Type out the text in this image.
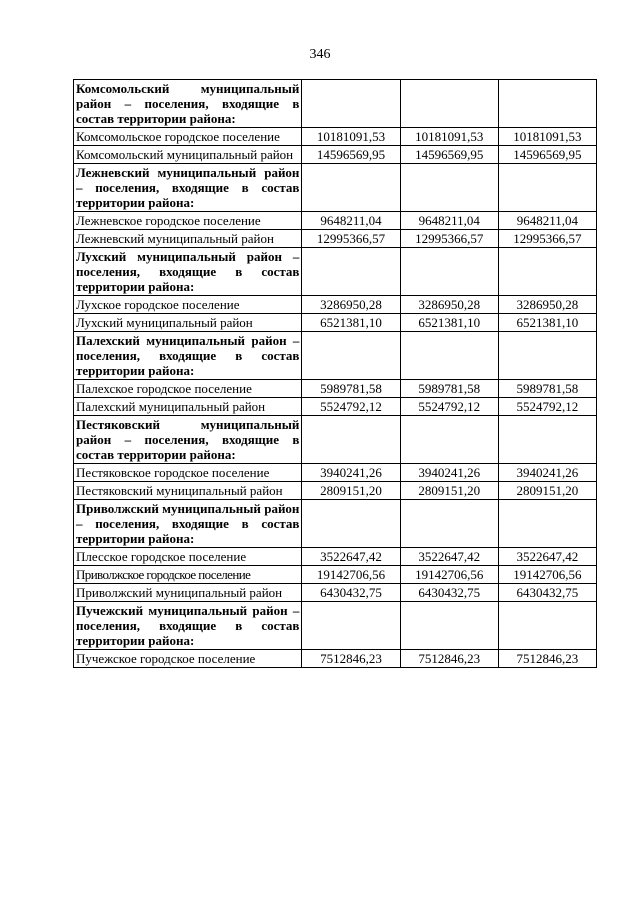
346
Комсомольский муниципальный район – поселения, входящие в состав территории района:			
Комсомольское городское поселение	10181091,53	10181091,53	10181091,53
Комсомольский муниципальный район	14596569,95	14596569,95	14596569,95
Лежневский муниципальный район – поселения, входящие в состав территории района:			
Лежневское городское поселение	9648211,04	9648211,04	9648211,04
Лежневский муниципальный район	12995366,57	12995366,57	12995366,57
Лухский муниципальный район – поселения, входящие в состав территории района:			
Лухское городское поселение	3286950,28	3286950,28	3286950,28
Лухский муниципальный район	6521381,10	6521381,10	6521381,10
Палехский муниципальный район – поселения, входящие в состав территории района:			
Палехское городское поселение	5989781,58	5989781,58	5989781,58
Палехский муниципальный район	5524792,12	5524792,12	5524792,12
Пестяковский муниципальный район – поселения, входящие в состав территории района:			
Пестяковское городское поселение	3940241,26	3940241,26	3940241,26
Пестяковский муниципальный район	2809151,20	2809151,20	2809151,20
Приволжский муниципальный район – поселения, входящие в состав территории района:			
Плесское городское поселение	3522647,42	3522647,42	3522647,42
Приволжское городское поселение	19142706,56	19142706,56	19142706,56
Приволжский муниципальный район	6430432,75	6430432,75	6430432,75
Пучежский муниципальный район – поселения, входящие в состав территории района:			
Пучежское городское поселение	7512846,23	7512846,23	7512846,23
